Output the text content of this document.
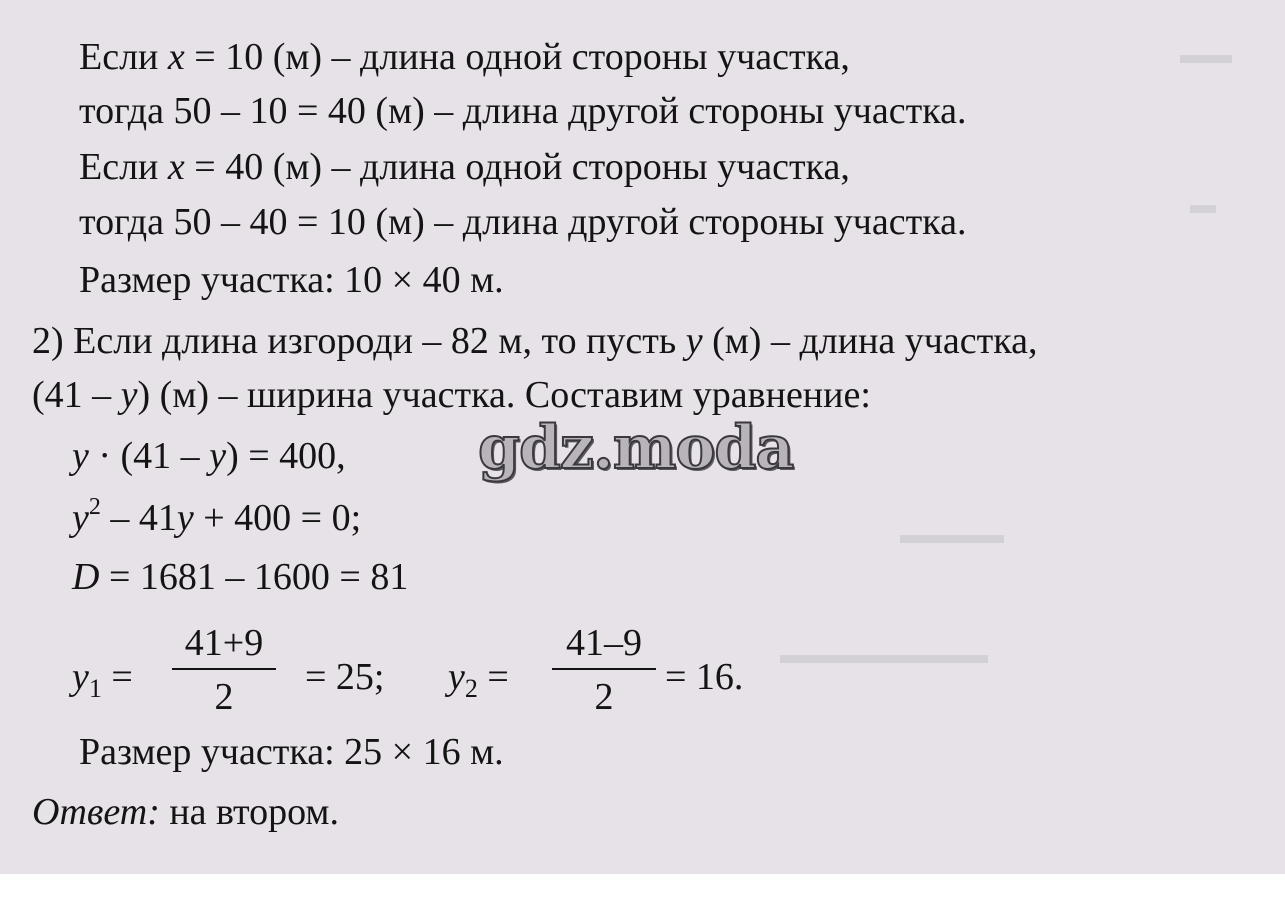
▬▬
▬
▬▬▬▬
▬▬▬▬▬▬▬▬
Если x = 10 (м) – длина одной стороны участка,
тогда 50 – 10 = 40 (м) – длина другой стороны участка.
Если x = 40 (м) – длина одной стороны участка,
тогда 50 – 40 = 10 (м) – длина другой стороны участка.
Размер участка: 10 × 40 м.
2) Если длина изгороди – 82 м, то пусть y (м) – длина участка,
(41 – y) (м) – ширина участка. Составим уравнение:
y · (41 – y) = 400,
$y^2 - 41y + 400 = 0$;
D = 1681 – 1600 = 81
$y_1 = \frac{41+9}{2} = 25$; $y_2 = \frac{41-9}{2} = 16$.
Размер участка: 25 × 16 м.
Ответ: на втором.
gdz.moda
